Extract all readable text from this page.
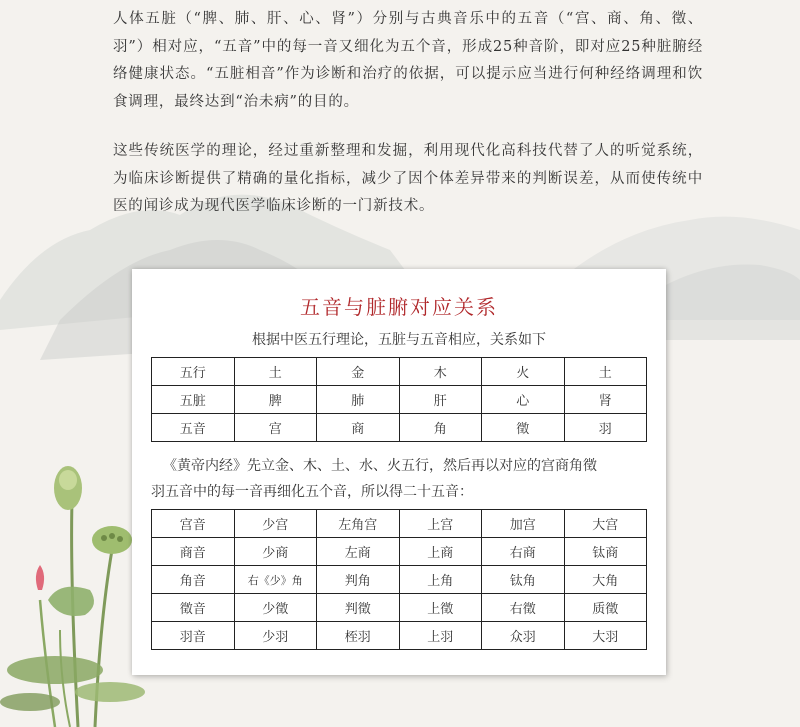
人体五脏（“脾、肺、肝、心、肾”）分别与古典音乐中的五音（“宫、商、角、徵、羽”）相对应，“五音”中的每一音又细化为五个音，形成25种音阶，即对应25种脏腑经络健康状态。“五脏相音”作为诊断和治疗的依据，可以提示应当进行何种经络调理和饮食调理，最终达到“治未病”的目的。

这些传统医学的理论，经过重新整理和发掘，利用现代化高科技代替了人的听觉系统，为临床诊断提供了精确的量化指标，减少了因个体差异带来的判断误差，从而使传统中医的闻诊成为现代医学临床诊断的一门新技术。

五音与脏腑对应关系
根据中医五行理论，五脏与五音相应，关系如下
五行	土	金	木	火	土
五脏	脾	肺	肝	心	肾
五音	宫	商	角	徵	羽
《黄帝内经》先立金、木、土、水、火五行，然后再以对应的宫商角徵
羽五音中的每一音再细化五个音，所以得二十五音：
宫音	少宫	左角宫	上宫	加宫	大宫
商音	少商	左商	上商	右商	钛商
角音	右《少》角	判角	上角	钛角	大角
徵音	少徵	判徵	上徵	右徵	质徵
羽音	少羽	桎羽	上羽	众羽	大羽
